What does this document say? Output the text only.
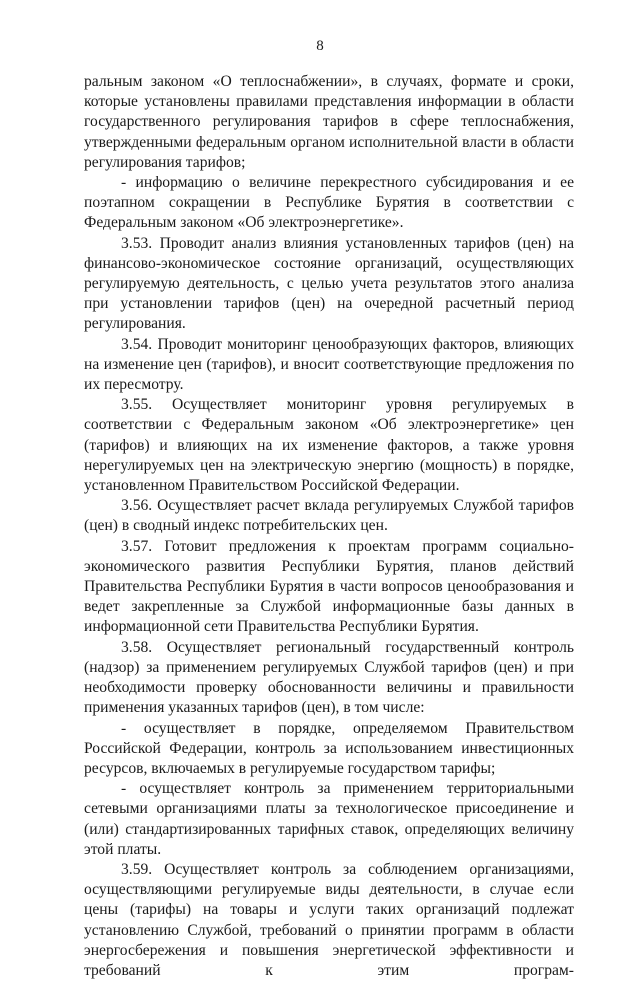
8

ральным законом «О теплоснабжении», в случаях, формате и сроки, которые установлены правилами представления информации в области государственного регулирования тарифов в сфере теплоснабжения, утвержденными федеральным органом исполнительной власти в области регулирования тарифов;

- информацию о величине перекрестного субсидирования и ее поэтапном сокращении в Республике Бурятия в соответствии с Федеральным законом «Об электроэнергетике».

3.53. Проводит анализ влияния установленных тарифов (цен) на финансово-экономическое состояние организаций, осуществляющих регулируемую деятельность, с целью учета результатов этого анализа при установлении тарифов (цен) на очередной расчетный период регулирования.

3.54. Проводит мониторинг ценообразующих факторов, влияющих на изменение цен (тарифов), и вносит соответствующие предложения по их пересмотру.

3.55. Осуществляет мониторинг уровня регулируемых в соответствии с Федеральным законом «Об электроэнергетике» цен (тарифов) и влияющих на их изменение факторов, а также уровня нерегулируемых цен на электрическую энергию (мощность) в порядке, установленном Правительством Российской Федерации.

3.56. Осуществляет расчет вклада регулируемых Службой тарифов (цен) в сводный индекс потребительских цен.

3.57. Готовит предложения к проектам программ социально-экономического развития Республики Бурятия, планов действий Правительства Республики Бурятия в части вопросов ценообразования и ведет закрепленные за Службой информационные базы данных в информационной сети Правительства Республики Бурятия.

3.58. Осуществляет региональный государственный контроль (надзор) за применением регулируемых Службой тарифов (цен) и при необходимости проверку обоснованности величины и правильности применения указанных тарифов (цен), в том числе:

- осуществляет в порядке, определяемом Правительством Российской Федерации, контроль за использованием инвестиционных ресурсов, включаемых в регулируемые государством тарифы;

- осуществляет контроль за применением территориальными сетевыми организациями платы за технологическое присоединение и (или) стандартизированных тарифных ставок, определяющих величину этой платы.

3.59. Осуществляет контроль за соблюдением организациями, осуществляющими регулируемые виды деятельности, в случае если цены (тарифы) на товары и услуги таких организаций подлежат установлению Службой, требований о принятии программ в области энергосбережения и повышения энергетической эффективности и требований к этим програм-
